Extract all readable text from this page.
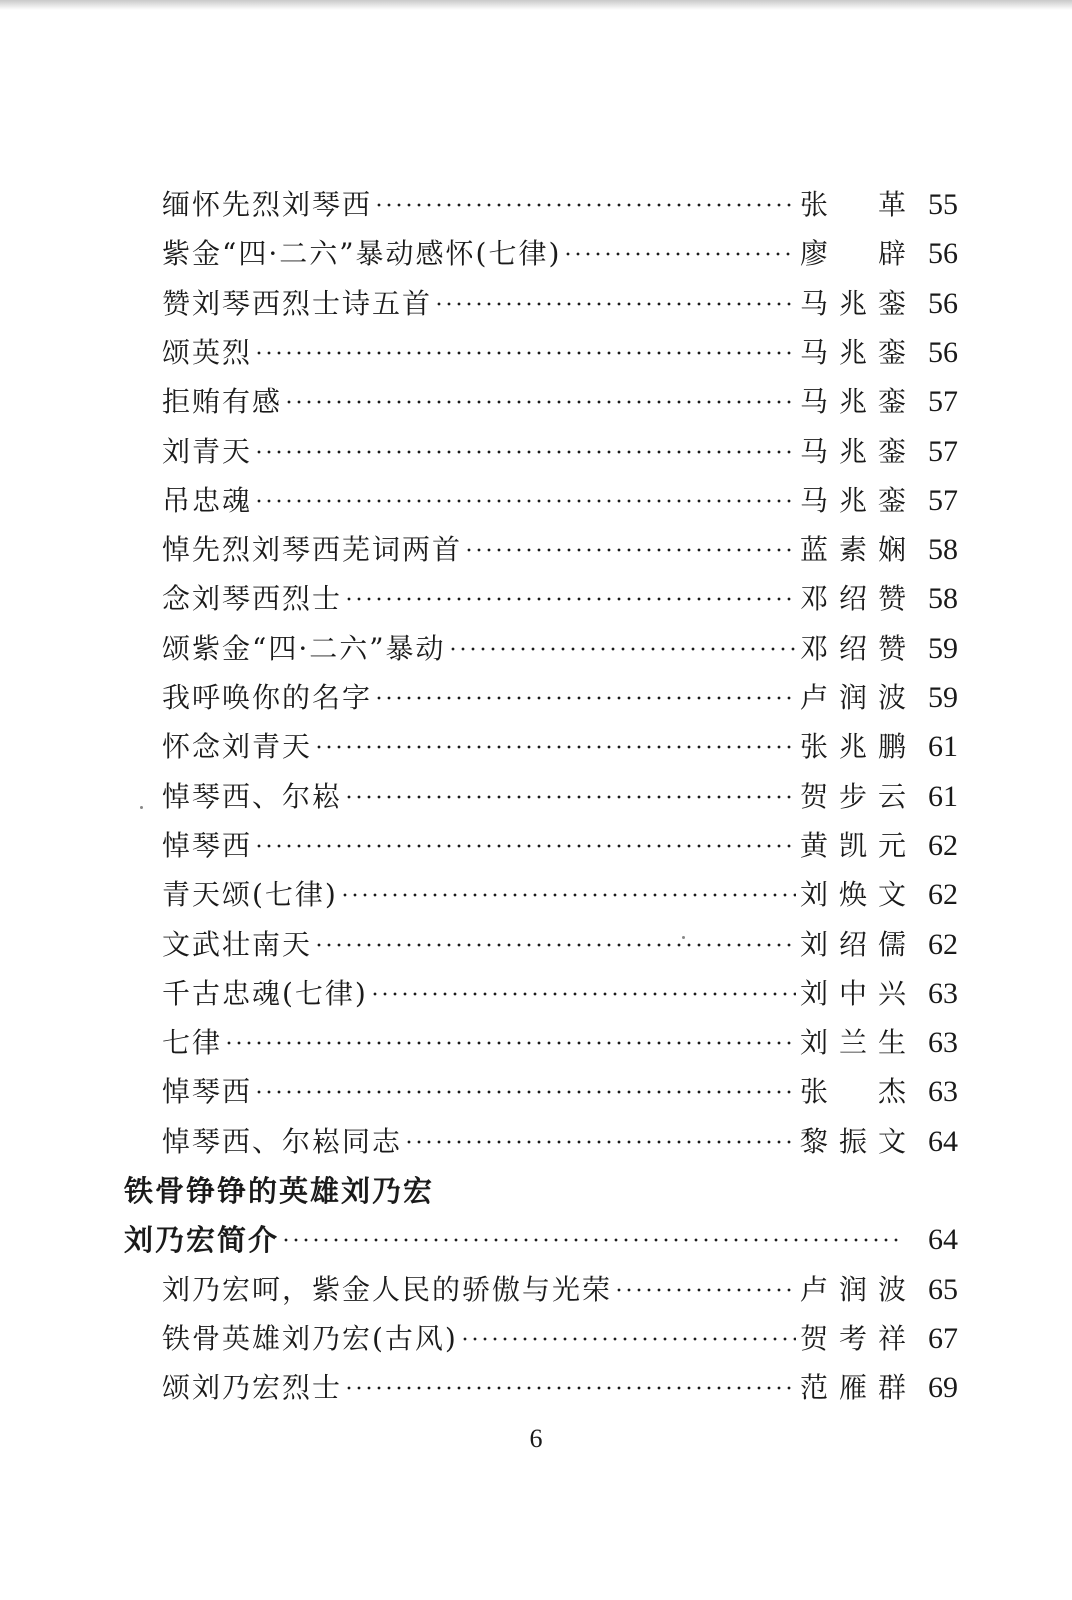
缅怀先烈刘琴西	张　革 55
紫金“四·二六”暴动感怀(七律)	廖　辟 56
赞刘琴西烈士诗五首	马兆銮 56
颂英烈	马兆銮 56
拒贿有感	马兆銮 57
刘青天	马兆銮 57
吊忠魂	马兆銮 57
悼先烈刘琴西芜词两首	蓝素娴 58
念刘琴西烈士	邓绍赞 58
颂紫金“四·二六”暴动	邓绍赞 59
我呼唤你的名字	卢润波 59
怀念刘青天	张兆鹏 61
悼琴西、尔崧	贺步云 61
悼琴西	黄凯元 62
青天颂(七律)	刘焕文 62
文武壮南天	刘绍儒 62
千古忠魂(七律)	刘中兴 63
七律	刘兰生 63
悼琴西	张　杰 63
悼琴西、尔崧同志	黎振文 64
铁骨铮铮的英雄刘乃宏
刘乃宏简介	64
刘乃宏呵，紫金人民的骄傲与光荣	卢润波 65
铁骨英雄刘乃宏(古风)	贺考祥 67
颂刘乃宏烈士	范雁群 69
6
